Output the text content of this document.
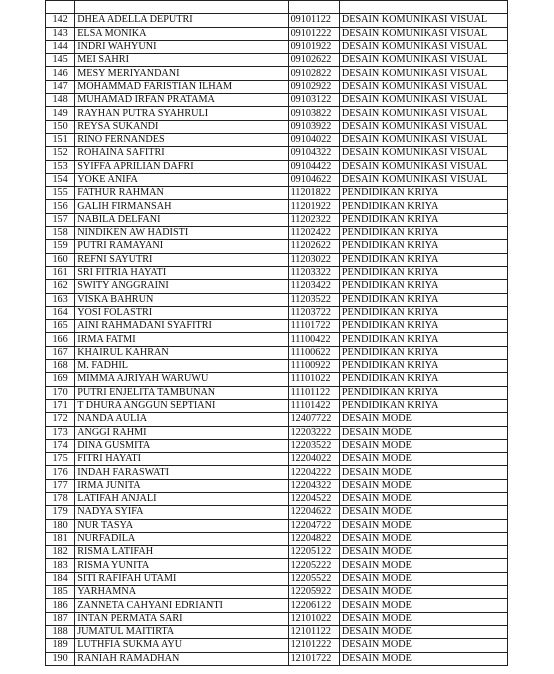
142	DHEA ADELLA DEPUTRI	09101122	DESAIN KOMUNIKASI VISUAL
143	ELSA MONIKA	09101222	DESAIN KOMUNIKASI VISUAL
144	INDRI WAHYUNI	09101922	DESAIN KOMUNIKASI VISUAL
145	MEI SAHRI	09102622	DESAIN KOMUNIKASI VISUAL
146	MESY MERIYANDANI	09102822	DESAIN KOMUNIKASI VISUAL
147	MOHAMMAD FARISTIAN ILHAM	09102922	DESAIN KOMUNIKASI VISUAL
148	MUHAMAD IRFAN PRATAMA	09103122	DESAIN KOMUNIKASI VISUAL
149	RAYHAN PUTRA SYAHRULI	09103822	DESAIN KOMUNIKASI VISUAL
150	REYSA SUKANDI	09103922	DESAIN KOMUNIKASI VISUAL
151	RINO FERNANDES	09104022	DESAIN KOMUNIKASI VISUAL
152	ROHAINA SAFITRI	09104322	DESAIN KOMUNIKASI VISUAL
153	SYIFFA APRILIAN DAFRI	09104422	DESAIN KOMUNIKASI VISUAL
154	YOKE ANIFA	09104622	DESAIN KOMUNIKASI VISUAL
155	FATHUR RAHMAN	11201822	PENDIDIKAN KRIYA
156	GALIH FIRMANSAH	11201922	PENDIDIKAN KRIYA
157	NABILA DELFANI	11202322	PENDIDIKAN KRIYA
158	NINDIKEN AW HADISTI	11202422	PENDIDIKAN KRIYA
159	PUTRI RAMAYANI	11202622	PENDIDIKAN KRIYA
160	REFNI SAYUTRI	11203022	PENDIDIKAN KRIYA
161	SRI FITRIA HAYATI	11203322	PENDIDIKAN KRIYA
162	SWITY ANGGRAINI	11203422	PENDIDIKAN KRIYA
163	VISKA BAHRUN	11203522	PENDIDIKAN KRIYA
164	YOSI FOLASTRI	11203722	PENDIDIKAN KRIYA
165	AINI RAHMADANI SYAFITRI	11101722	PENDIDIKAN KRIYA
166	IRMA FATMI	11100422	PENDIDIKAN KRIYA
167	KHAIRUL KAHRAN	11100622	PENDIDIKAN KRIYA
168	M. FADHIL	11100922	PENDIDIKAN KRIYA
169	MIMMA AJRIYAH WARUWU	11101022	PENDIDIKAN KRIYA
170	PUTRI ENJELITA TAMBUNAN	11101122	PENDIDIKAN KRIYA
171	T DHURA ANGGUN SEPTIANI	11101422	PENDIDIKAN KRIYA
172	NANDA AULIA	12407722	DESAIN MODE
173	ANGGI RAHMI	12203222	DESAIN MODE
174	DINA GUSMITA	12203522	DESAIN MODE
175	FITRI HAYATI	12204022	DESAIN MODE
176	INDAH FARASWATI	12204222	DESAIN MODE
177	IRMA JUNITA	12204322	DESAIN MODE
178	LATIFAH ANJALI	12204522	DESAIN MODE
179	NADYA SYIFA	12204622	DESAIN MODE
180	NUR TASYA	12204722	DESAIN MODE
181	NURFADILA	12204822	DESAIN MODE
182	RISMA LATIFAH	12205122	DESAIN MODE
183	RISMA YUNITA	12205222	DESAIN MODE
184	SITI RAFIFAH UTAMI	12205522	DESAIN MODE
185	YARHAMNA	12205922	DESAIN MODE
186	ZANNETA CAHYANI EDRIANTI	12206122	DESAIN MODE
187	INTAN PERMATA SARI	12101022	DESAIN MODE
188	JUMATUL MAITIRTA	12101122	DESAIN MODE
189	LUTHFIA SUKMA AYU	12101222	DESAIN MODE
190	RANIAH RAMADHAN	12101722	DESAIN MODE
